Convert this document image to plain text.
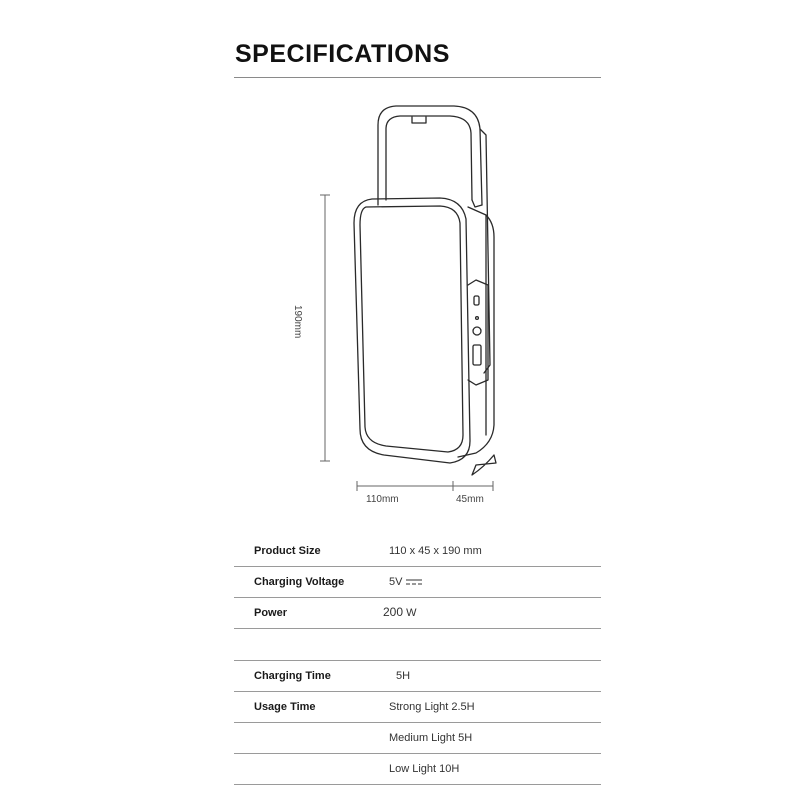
SPECIFICATIONS
190mm
110mm	45mm
Product Size	110 x 45 x 190 mm
Charging Voltage	5V
Power	200 W
Charging Time	5H
Usage Time	Strong Light 2.5H
Medium Light 5H
Low Light 10H
